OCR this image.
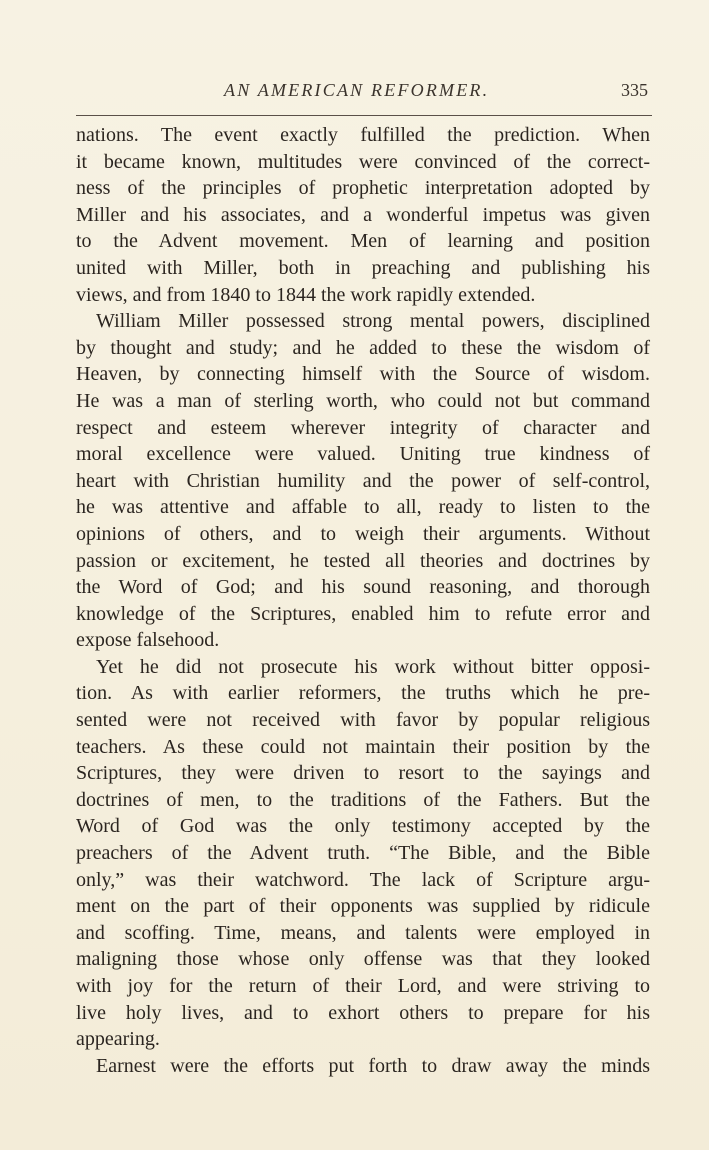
AN AMERICAN REFORMER.	335
nations. The event exactly fulfilled the prediction. When
it became known, multitudes were convinced of the correct-
ness of the principles of prophetic interpretation adopted by
Miller and his associates, and a wonderful impetus was given
to the Advent movement. Men of learning and position
united with Miller, both in preaching and publishing his
views, and from 1840 to 1844 the work rapidly extended.
William Miller possessed strong mental powers, disciplined
by thought and study; and he added to these the wisdom of
Heaven, by connecting himself with the Source of wisdom.
He was a man of sterling worth, who could not but command
respect and esteem wherever integrity of character and
moral excellence were valued. Uniting true kindness of
heart with Christian humility and the power of self-control,
he was attentive and affable to all, ready to listen to the
opinions of others, and to weigh their arguments. Without
passion or excitement, he tested all theories and doctrines by
the Word of God; and his sound reasoning, and thorough
knowledge of the Scriptures, enabled him to refute error and
expose falsehood.
Yet he did not prosecute his work without bitter opposi-
tion. As with earlier reformers, the truths which he pre-
sented were not received with favor by popular religious
teachers. As these could not maintain their position by the
Scriptures, they were driven to resort to the sayings and
doctrines of men, to the traditions of the Fathers. But the
Word of God was the only testimony accepted by the
preachers of the Advent truth. “The Bible, and the Bible
only,” was their watchword. The lack of Scripture argu-
ment on the part of their opponents was supplied by ridicule
and scoffing. Time, means, and talents were employed in
maligning those whose only offense was that they looked
with joy for the return of their Lord, and were striving to
live holy lives, and to exhort others to prepare for his
appearing.
Earnest were the efforts put forth to draw away the minds
